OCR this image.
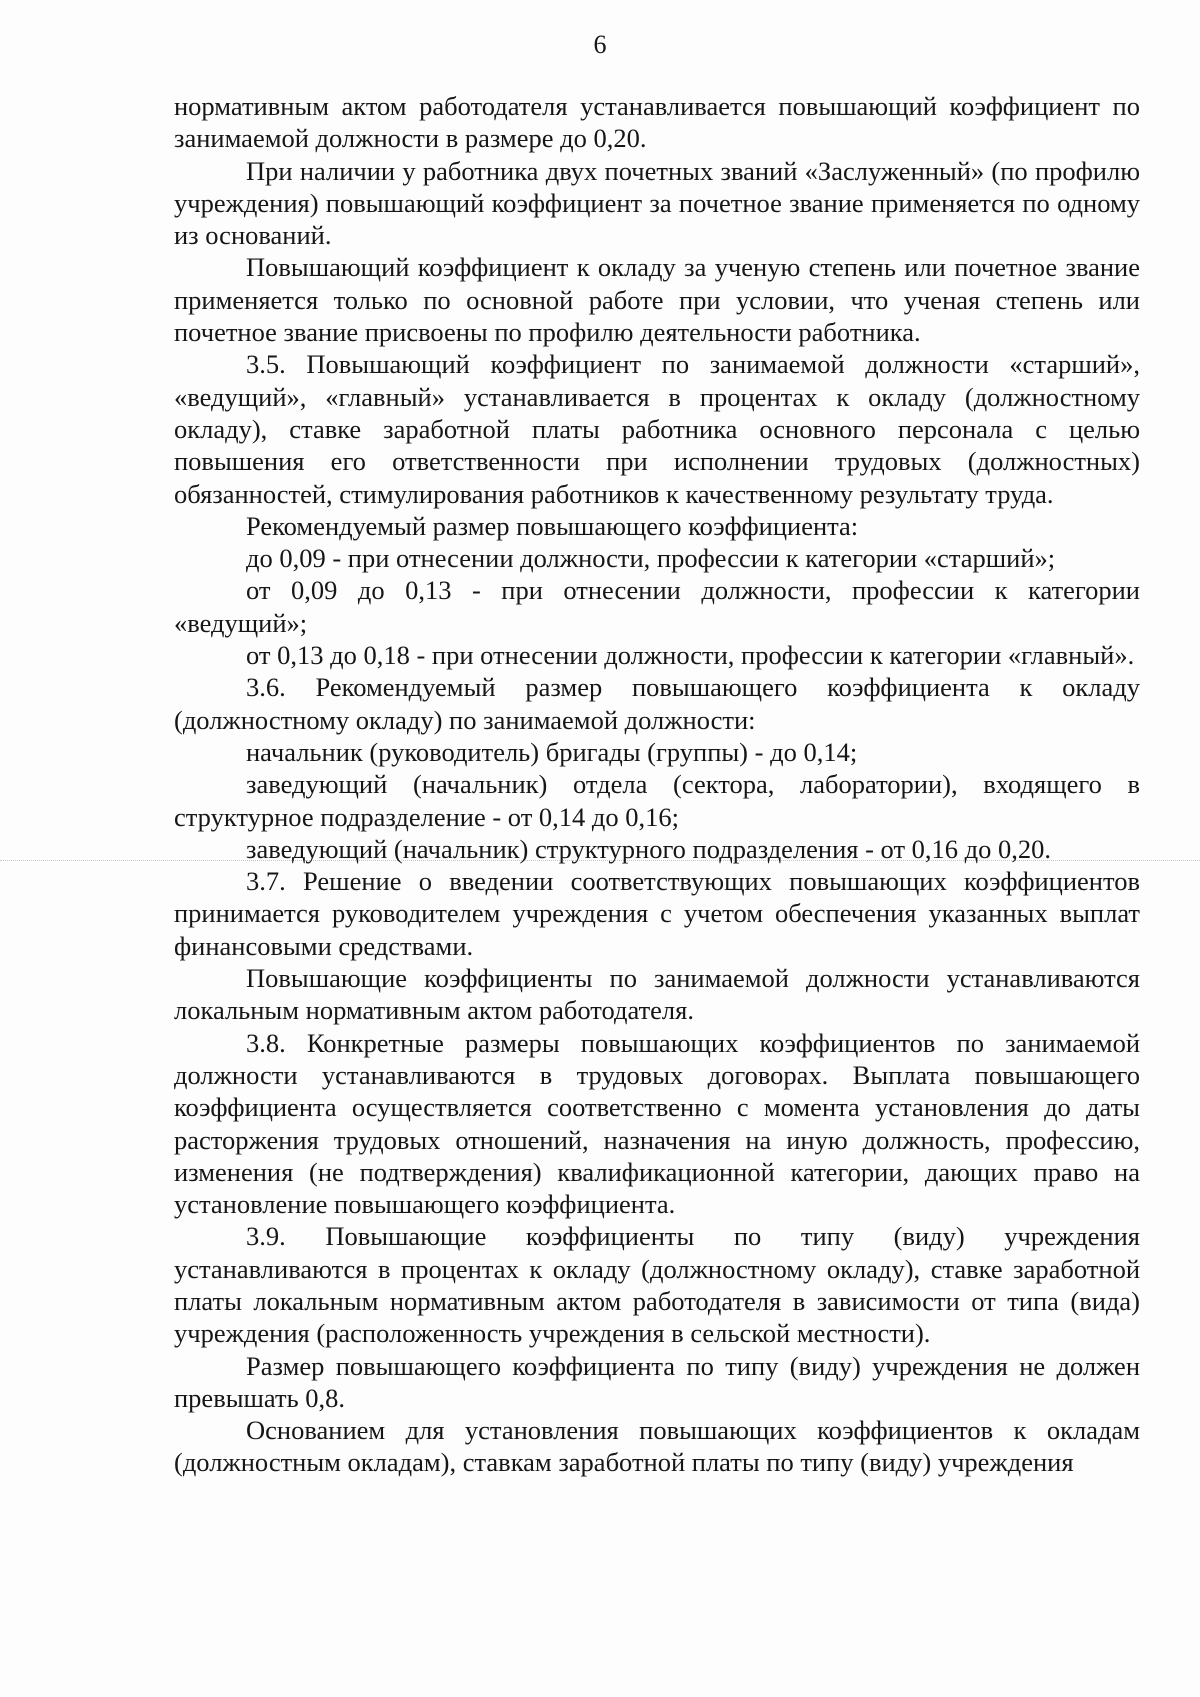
6

нормативным актом работодателя устанавливается повышающий коэффициент по занимаемой должности в размере до 0,20.

При наличии у работника двух почетных званий «Заслуженный» (по профилю учреждения) повышающий коэффициент за почетное звание применяется по одному из оснований.

Повышающий коэффициент к окладу за ученую степень или почетное звание применяется только по основной работе при условии, что ученая степень или почетное звание присвоены по профилю деятельности работника.

3.5. Повышающий коэффициент по занимаемой должности «старший», «ведущий», «главный» устанавливается в процентах к окладу (должностному окладу), ставке заработной платы работника основного персонала с целью повышения его ответственности при исполнении трудовых (должностных) обязанностей, стимулирования работников к качественному результату труда.

Рекомендуемый размер повышающего коэффициента:

до 0,09 - при отнесении должности, профессии к категории «старший»;

от 0,09 до 0,13 - при отнесении должности, профессии к категории «ведущий»;

от 0,13 до 0,18 - при отнесении должности, профессии к категории «главный».

3.6. Рекомендуемый размер повышающего коэффициента к окладу (должностному окладу) по занимаемой должности:

начальник (руководитель) бригады (группы) - до 0,14;

заведующий (начальник) отдела (сектора, лаборатории), входящего в структурное подразделение - от 0,14 до 0,16;

заведующий (начальник) структурного подразделения - от 0,16 до 0,20.

3.7. Решение о введении соответствующих повышающих коэффициентов принимается руководителем учреждения с учетом обеспечения указанных выплат финансовыми средствами.

Повышающие коэффициенты по занимаемой должности устанавливаются локальным нормативным актом работодателя.

3.8. Конкретные размеры повышающих коэффициентов по занимаемой должности устанавливаются в трудовых договорах. Выплата повышающего коэффициента осуществляется соответственно с момента установления до даты расторжения трудовых отношений, назначения на иную должность, профессию, изменения (не подтверждения) квалификационной категории, дающих право на установление повышающего коэффициента.

3.9. Повышающие коэффициенты по типу (виду) учреждения устанавливаются в процентах к окладу (должностному окладу), ставке заработной платы локальным нормативным актом работодателя в зависимости от типа (вида) учреждения (расположенность учреждения в сельской местности).

Размер повышающего коэффициента по типу (виду) учреждения не должен превышать 0,8.

Основанием для установления повышающих коэффициентов к окладам (должностным окладам), ставкам заработной платы по типу (виду) учреждения
